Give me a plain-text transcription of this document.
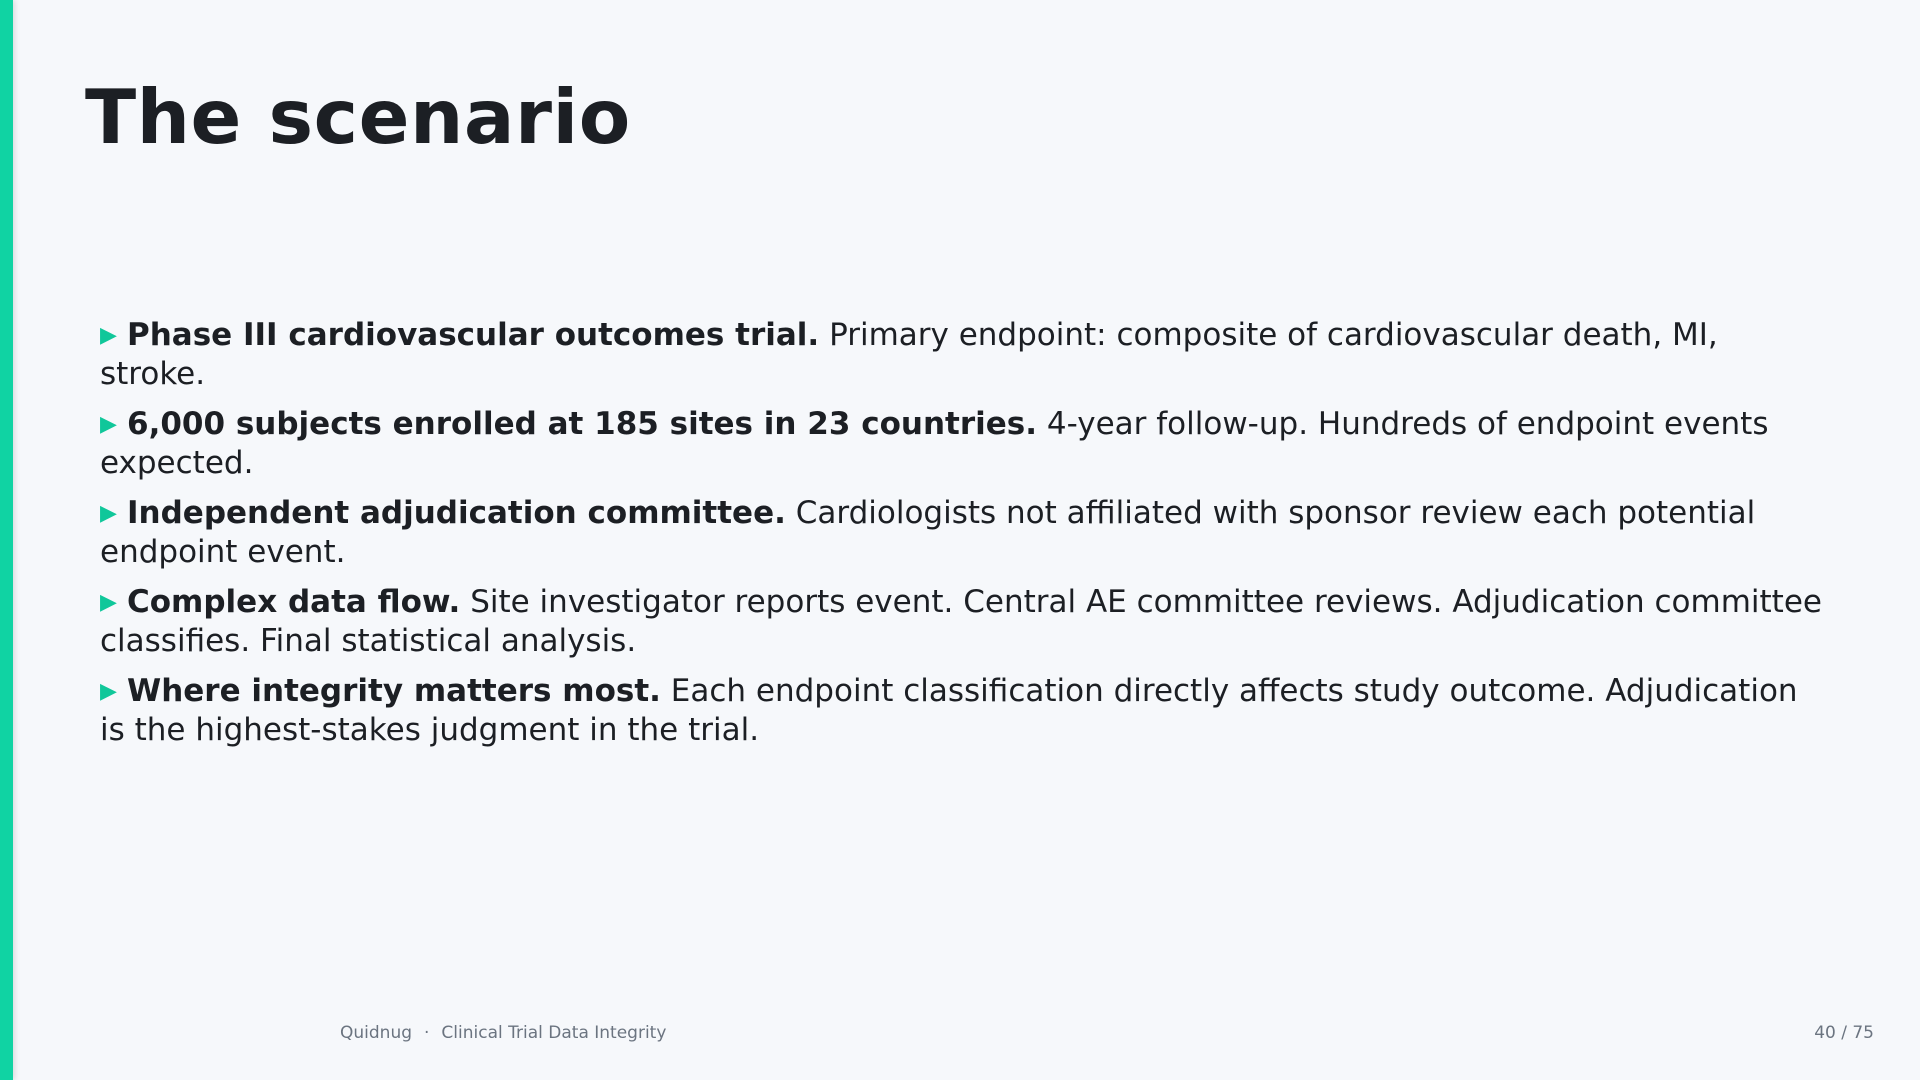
The scenario
▶ Phase III cardiovascular outcomes trial. Primary endpoint: composite of cardiovascular death, MI, stroke.
▶ 6,000 subjects enrolled at 185 sites in 23 countries. 4-year follow-up. Hundreds of endpoint events expected.
▶ Independent adjudication committee. Cardiologists not affiliated with sponsor review each potential endpoint event.
▶ Complex data flow. Site investigator reports event. Central AE committee reviews. Adjudication committee classifies. Final statistical analysis.
▶ Where integrity matters most. Each endpoint classification directly affects study outcome. Adjudication is the highest-stakes judgment in the trial.
Quidnug · Clinical Trial Data Integrity	40 / 75
